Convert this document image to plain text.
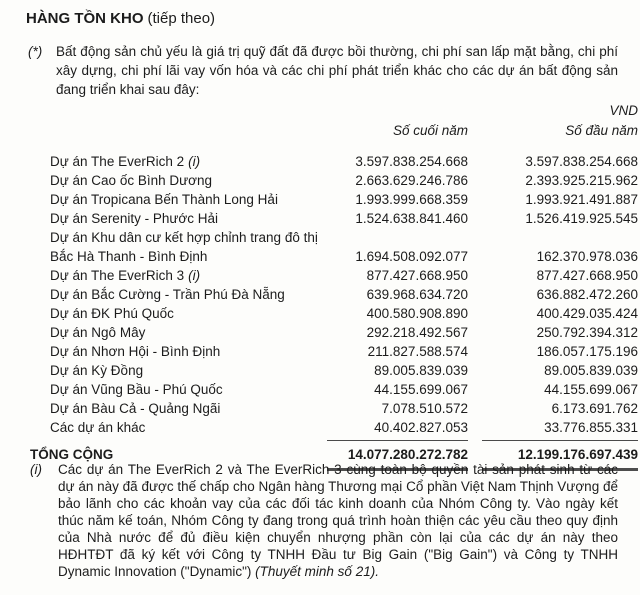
HÀNG TỒN KHO (tiếp theo)
(*)	Bất động sản chủ yếu là giá trị quỹ đất đã được bồi thường, chi phí san lấp mặt bằng, chi phí xây dựng, chi phí lãi vay vốn hóa và các chi phí phát triển khác cho các dự án bất động sản đang triển khai sau đây:
VND
Số cuối năm	Số đầu năm
Dự án The EverRich 2 (i)	3.597.838.254.668	3.597.838.254.668
Dự án Cao ốc Bình Dương	2.663.629.246.786	2.393.925.215.962
Dự án Tropicana Bến Thành Long Hải	1.993.999.668.359	1.993.921.491.887
Dự án Serenity - Phước Hải	1.524.638.841.460	1.526.419.925.545
Dự án Khu dân cư kết hợp chỉnh trang đô thị Bắc Hà Thanh - Bình Định	1.694.508.092.077	162.370.978.036
Dự án The EverRich 3 (i)	877.427.668.950	877.427.668.950
Dự án Bắc Cường - Trần Phú Đà Nẵng	639.968.634.720	636.882.472.260
Dự án ĐK Phú Quốc	400.580.908.890	400.429.035.424
Dự án Ngô Mây	292.218.492.567	250.792.394.312
Dự án Nhơn Hội - Bình Định	211.827.588.574	186.057.175.196
Dự án Kỳ Đồng	89.005.839.039	89.005.839.039
Dự án Vũng Bầu - Phú Quốc	44.155.699.067	44.155.699.067
Dự án Bàu Cả - Quảng Ngãi	7.078.510.572	6.173.691.762
Các dự án khác	40.402.827.053	33.776.855.331
TỔNG CỘNG	14.077.280.272.782	12.199.176.697.439
(i)	Các dự án The EverRich 2 và The EverRich 3 cùng toàn bộ quyền tài sản phát sinh từ các dự án này đã được thế chấp cho Ngân hàng Thương mại Cổ phần Việt Nam Thịnh Vượng để bảo lãnh cho các khoản vay của các đối tác kinh doanh của Nhóm Công ty. Vào ngày kết thúc năm kế toán, Nhóm Công ty đang trong quá trình hoàn thiện các yêu cầu theo quy định của Nhà nước để đủ điều kiện chuyển nhượng phần còn lại của các dự án này theo HĐHTĐT đã ký kết với Công ty TNHH Đầu tư Big Gain ("Big Gain") và Công ty TNHH Dynamic Innovation ("Dynamic") (Thuyết minh số 21).
